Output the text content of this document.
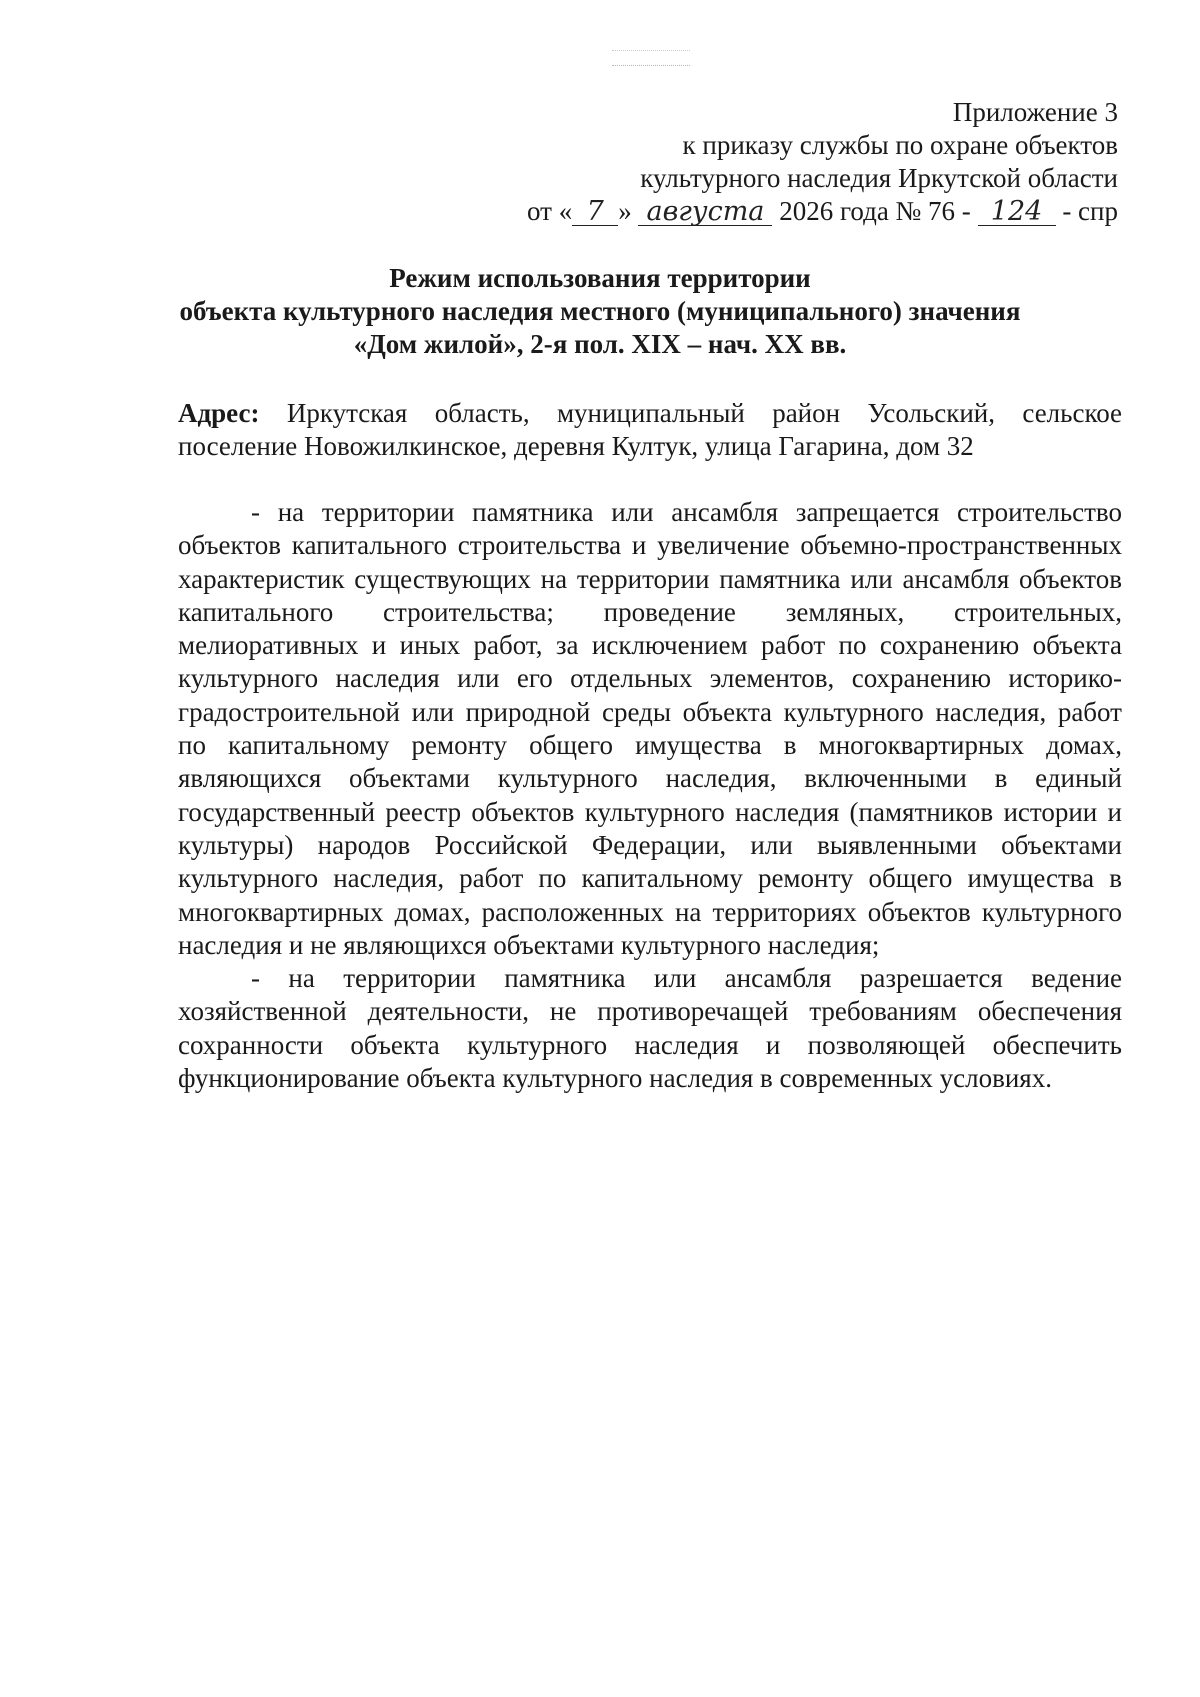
Приложение 3
к приказу службы по охране объектов
культурного наследия Иркутской области
от « 7 » августа 2026 года № 76 - 124 - спр
Режим использования территории
объекта культурного наследия местного (муниципального) значения
«Дом жилой», 2-я пол. XIX – нач. XX вв.
Адрес: Иркутская область, муниципальный район Усольский, сельское поселение Новожилкинское, деревня Култук, улица Гагарина, дом 32

- на территории памятника или ансамбля запрещается строительство объектов капитального строительства и увеличение объемно-пространственных характеристик существующих на территории памятника или ансамбля объектов капитального строительства; проведение земляных, строительных, мелиоративных и иных работ, за исключением работ по сохранению объекта культурного наследия или его отдельных элементов, сохранению историко-градостроительной или природной среды объекта культурного наследия, работ по капитальному ремонту общего имущества в многоквартирных домах, являющихся объектами культурного наследия, включенными в единый государственный реестр объектов культурного наследия (памятников истории и культуры) народов Российской Федерации, или выявленными объектами культурного наследия, работ по капитальному ремонту общего имущества в многоквартирных домах, расположенных на территориях объектов культурного наследия и не являющихся объектами культурного наследия;

- на территории памятника или ансамбля разрешается ведение хозяйственной деятельности, не противоречащей требованиям обеспечения сохранности объекта культурного наследия и позволяющей обеспечить функционирование объекта культурного наследия в современных условиях.
